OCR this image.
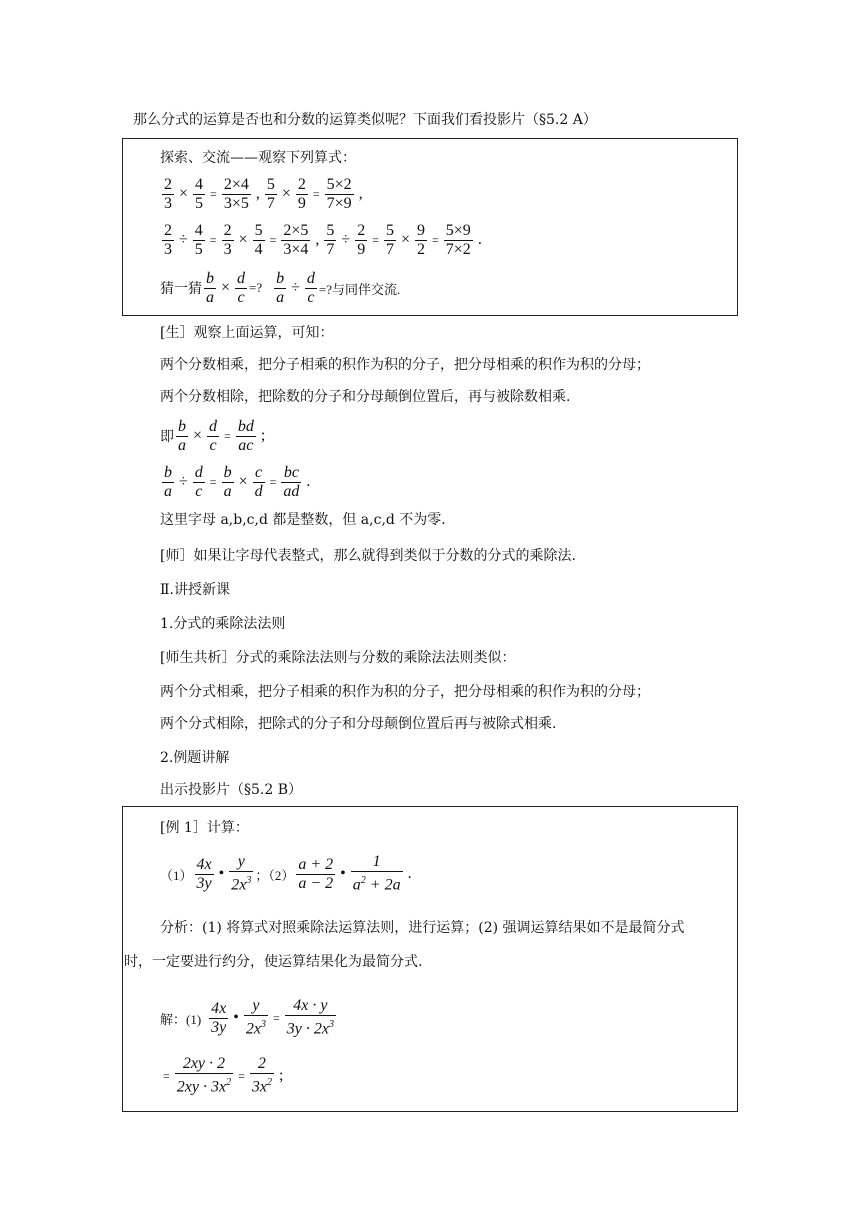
那么分式的运算是否也和分数的运算类似呢？下面我们看投影片（§5.2 A）
探索、交流——观察下列算式：
$\frac{2}{3} \times \frac{4}{5} = \frac{2\times 4}{3\times 5}$ , $\frac{5}{7} \times \frac{2}{9} = \frac{5\times 2}{7\times 9}$ ,
$\frac{2}{3} \div \frac{4}{5} = \frac{2}{3} \times \frac{5}{4} = \frac{2\times 5}{3\times 4}$ , $\frac{5}{7} \div \frac{2}{9} = \frac{5}{7} \times \frac{9}{2} = \frac{5\times 9}{7\times 2}$ .
猜一猜 $\frac{b}{a} \times \frac{d}{c}$ =? $\frac{b}{a} \div \frac{d}{c}$ =?与同伴交流.
[生］观察上面运算，可知：
两个分数相乘，把分子相乘的积作为积的分子，把分母相乘的积作为积的分母；
两个分数相除，把除数的分子和分母颠倒位置后，再与被除数相乘.
即 $\frac{b}{a} \times \frac{d}{c} = \frac{bd}{ac}$ ;
$\frac{b}{a} \div \frac{d}{c} = \frac{b}{a} \times \frac{c}{d} = \frac{bc}{ad}$ .
这里字母 a,b,c,d 都是整数，但 a,c,d 不为零.
[师］如果让字母代表整式，那么就得到类似于分数的分式的乘除法.
Ⅱ.讲授新课
1.分式的乘除法法则
[师生共析］分式的乘除法法则与分数的乘除法法则类似：
两个分式相乘，把分子相乘的积作为积的分子，把分母相乘的积作为积的分母；
两个分式相除，把除式的分子和分母颠倒位置后再与被除式相乘.
2.例题讲解
出示投影片（§5.2 B）
[例 1］计算：
$(1) \frac{4x}{3y}$ • $\frac{y}{2x^3}$ ；$(2) \frac{a + 2}{a - 2}$ • $\frac{1}{a^2 + 2a}$ .
分析：(1) 将算式对照乘除法运算法则，进行运算；(2) 强调运算结果如不是最简分式
时，一定要进行约分，使运算结果化为最简分式.
解：$(1) \frac{4x}{3y}$ • $\frac{y}{2x^3} = \frac{4x \cdot y}{3y \cdot 2x^3}$
= $\frac{2xy \cdot 2}{2xy \cdot 3x^2} = \frac{2}{3x^2}$ ;
